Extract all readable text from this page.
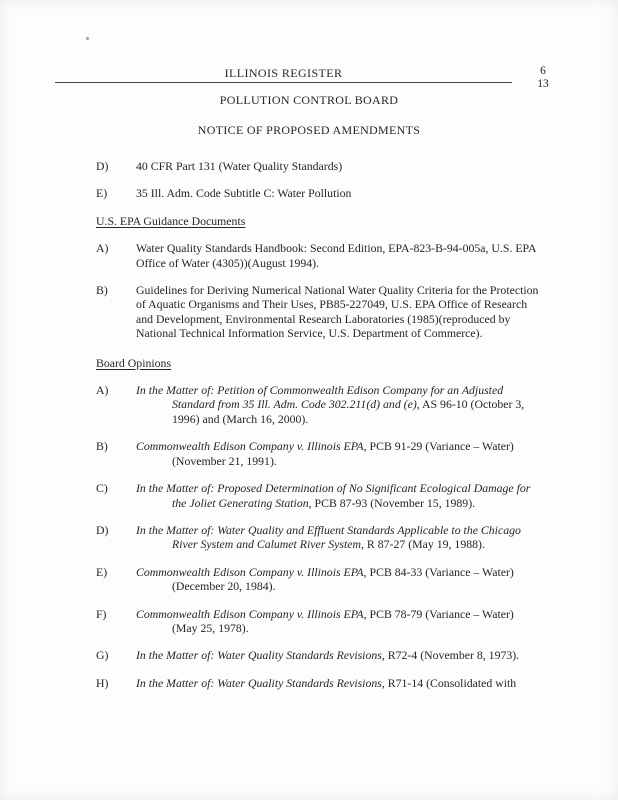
ILLINOIS REGISTER	6
13
POLLUTION CONTROL BOARD
NOTICE OF PROPOSED AMENDMENTS
D)	40 CFR Part 131 (Water Quality Standards)
E)	35 Ill. Adm. Code Subtitle C: Water Pollution
U.S. EPA Guidance Documents
A)	Water Quality Standards Handbook: Second Edition, EPA-823-B-94-005a, U.S. EPA Office of Water (4305))(August 1994).
B)	Guidelines for Deriving Numerical National Water Quality Criteria for the Protection of Aquatic Organisms and Their Uses, PB85-227049, U.S. EPA Office of Research and Development, Environmental Research Laboratories (1985)(reproduced by National Technical Information Service, U.S. Department of Commerce).
Board Opinions
A)	In the Matter of: Petition of Commonwealth Edison Company for an Adjusted Standard from 35 Ill. Adm. Code 302.211(d) and (e), AS 96-10 (October 3, 1996) and (March 16, 2000).
B)	Commonwealth Edison Company v. Illinois EPA, PCB 91-29 (Variance – Water) (November 21, 1991).
C)	In the Matter of: Proposed Determination of No Significant Ecological Damage for the Joliet Generating Station, PCB 87-93 (November 15, 1989).
D)	In the Matter of: Water Quality and Effluent Standards Applicable to the Chicago River System and Calumet River System, R 87-27 (May 19, 1988).
E)	Commonwealth Edison Company v. Illinois EPA, PCB 84-33 (Variance – Water) (December 20, 1984).
F)	Commonwealth Edison Company v. Illinois EPA, PCB 78-79 (Variance – Water) (May 25, 1978).
G)	In the Matter of: Water Quality Standards Revisions, R72-4 (November 8, 1973).
H)	In the Matter of: Water Quality Standards Revisions, R71-14 (Consolidated with
